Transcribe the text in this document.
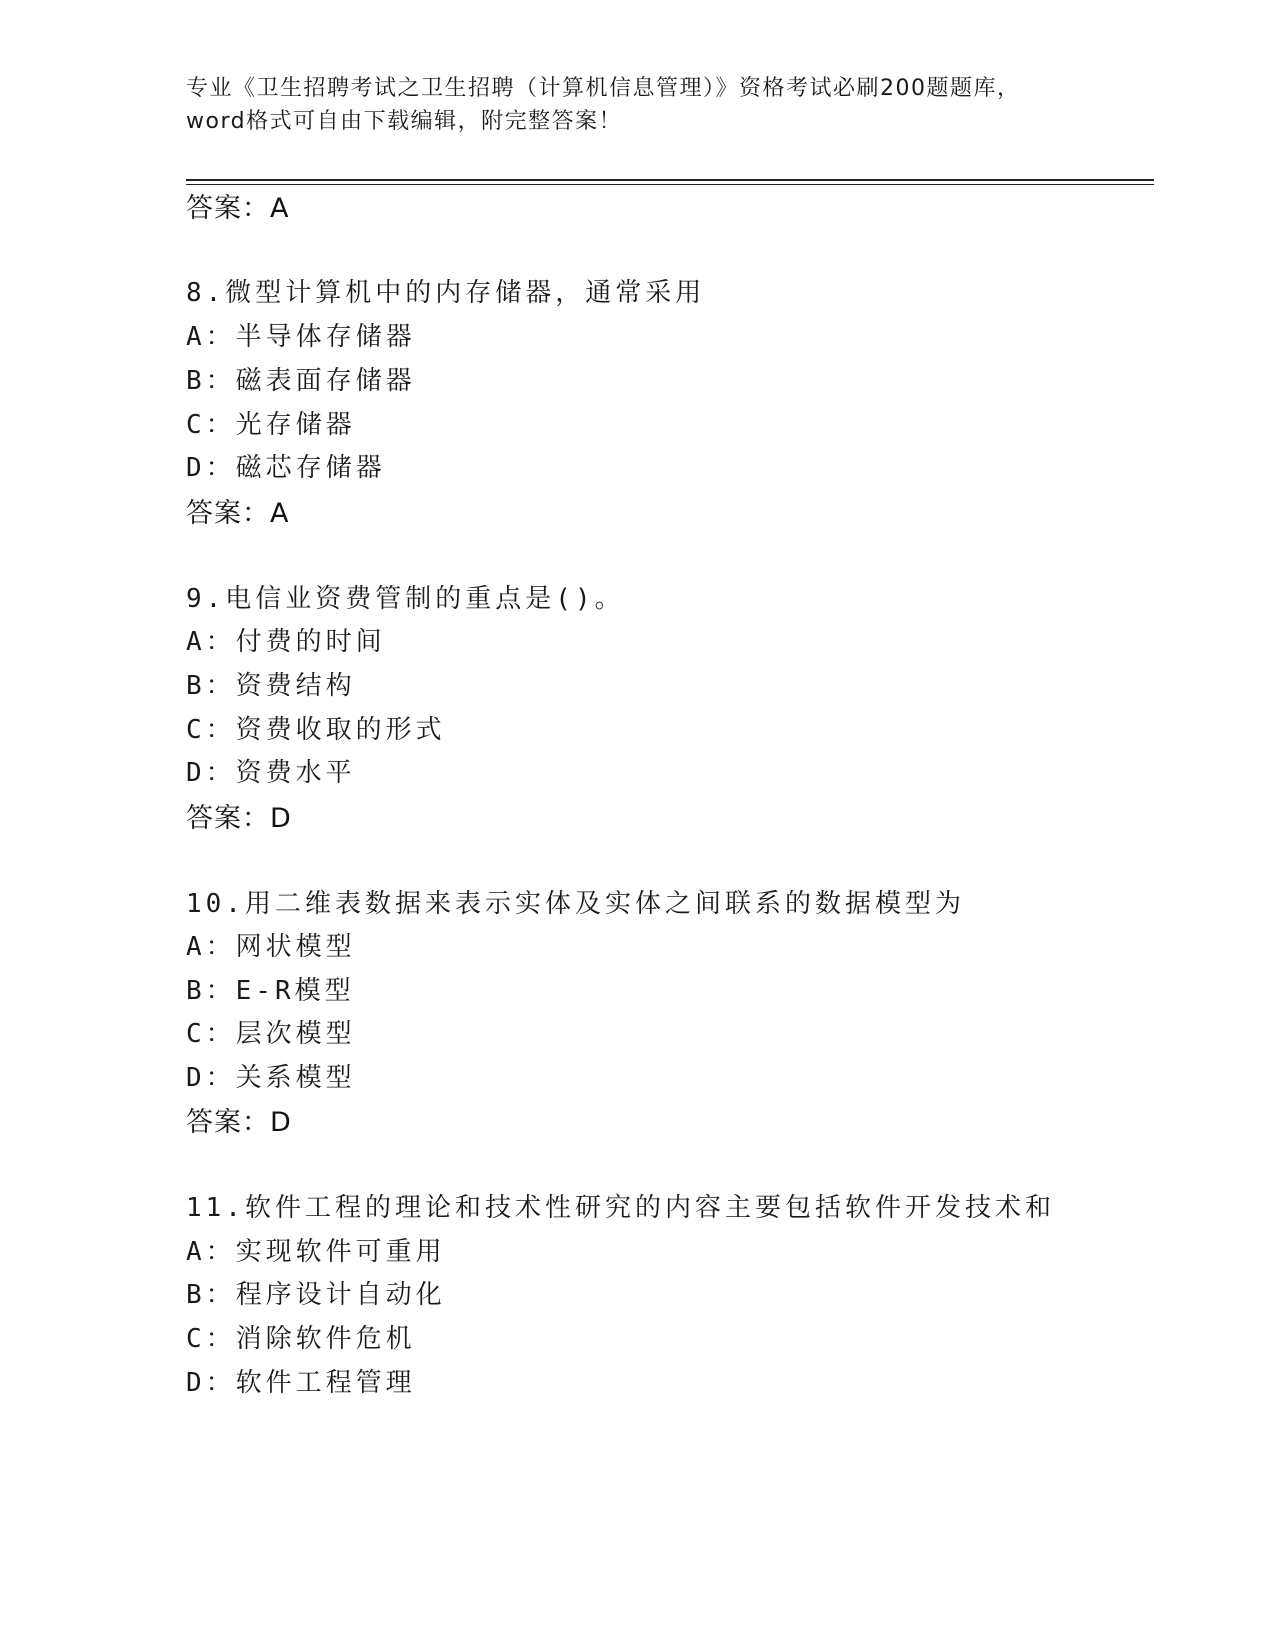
专业《卫生招聘考试之卫生招聘（计算机信息管理）》资格考试必刷200题题库，
word格式可自由下载编辑，附完整答案！
答案：A
8.微型计算机中的内存储器，通常采用
A：半导体存储器
B：磁表面存储器
C：光存储器
D：磁芯存储器
答案：A
9.电信业资费管制的重点是()。
A：付费的时间
B：资费结构
C：资费收取的形式
D：资费水平
答案：D
10.用二维表数据来表示实体及实体之间联系的数据模型为
A：网状模型
B：E-R模型
C：层次模型
D：关系模型
答案：D
11.软件工程的理论和技术性研究的内容主要包括软件开发技术和
A：实现软件可重用
B：程序设计自动化
C：消除软件危机
D：软件工程管理
